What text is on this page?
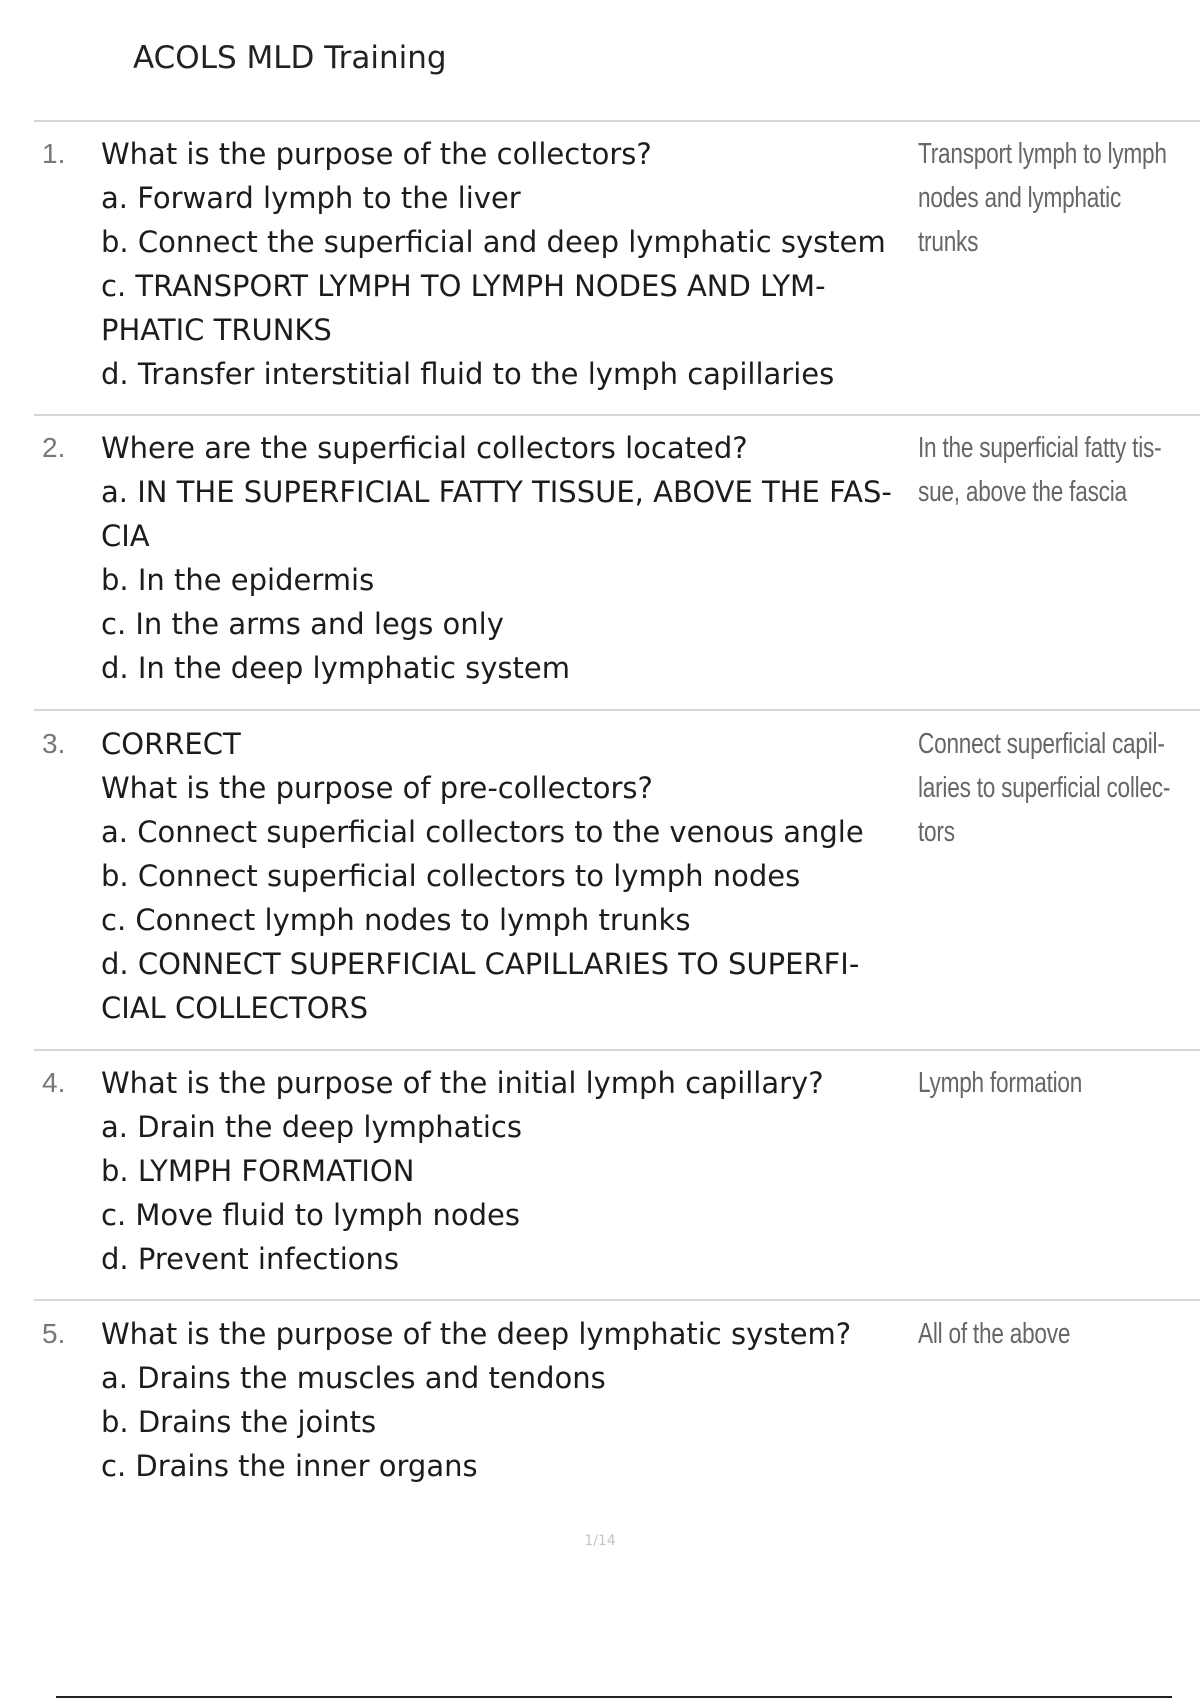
ACOLS MLD Training
1. What is the purpose of the collectors?
a. Forward lymph to the liver
b. Connect the superficial and deep lymphatic system
c. TRANSPORT LYMPH TO LYMPH NODES AND LYM-
PHATIC TRUNKS
d. Transfer interstitial fluid to the lymph capillaries
Transport lymph to lymph
nodes and lymphatic
trunks
2. Where are the superficial collectors located?
a. IN THE SUPERFICIAL FATTY TISSUE, ABOVE THE FAS-
CIA
b. In the epidermis
c. In the arms and legs only
d. In the deep lymphatic system
In the superficial fatty tis-
sue, above the fascia
3. CORRECT
What is the purpose of pre-collectors?
a. Connect superficial collectors to the venous angle
b. Connect superficial collectors to lymph nodes
c. Connect lymph nodes to lymph trunks
d. CONNECT SUPERFICIAL CAPILLARIES TO SUPERFI-
CIAL COLLECTORS
Connect superficial capil-
laries to superficial collec-
tors
4. What is the purpose of the initial lymph capillary?
a. Drain the deep lymphatics
b. LYMPH FORMATION
c. Move fluid to lymph nodes
d. Prevent infections
Lymph formation
5. What is the purpose of the deep lymphatic system?
a. Drains the muscles and tendons
b. Drains the joints
c. Drains the inner organs
All of the above
1/14
